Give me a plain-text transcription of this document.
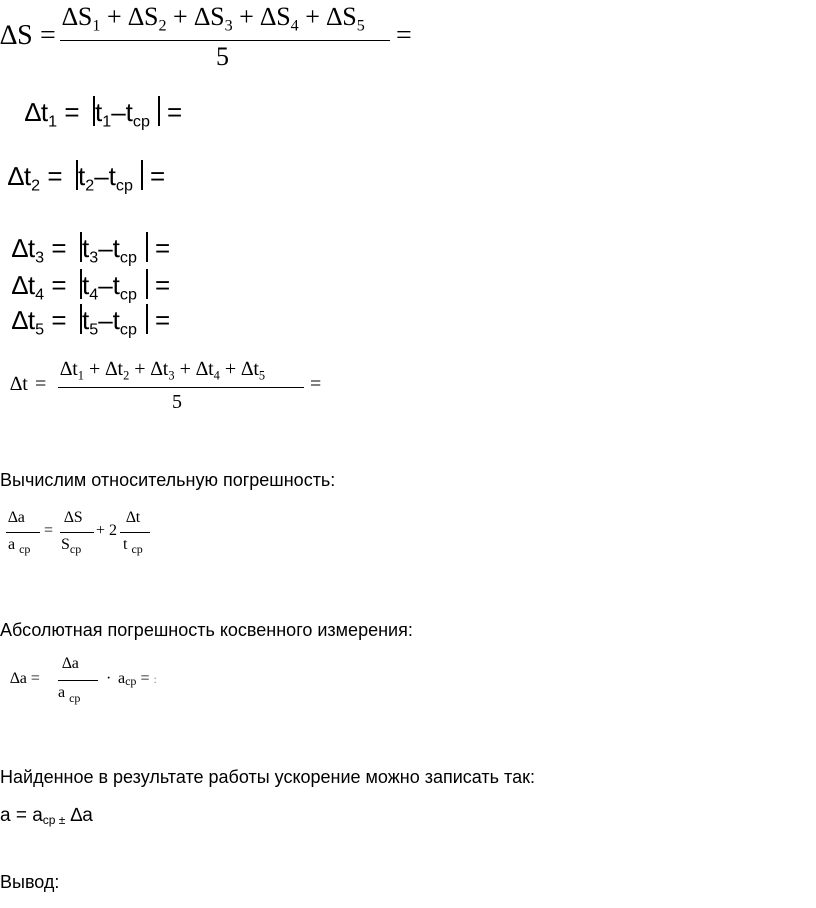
∆S =
$\Delta S_1 + \Delta S_2 + \Delta S_3 + \Delta S_4 + \Delta S_5$
5
=
$\Delta t_1 = t_1-t_{ср}$ =
$\Delta t_2 = t_2-t_{ср}$ =
$\Delta t_3 = t_3-t_{ср}$ =
$\Delta t_4 = t_4-t_{ср}$ =
$\Delta t_5 = t_5-t_{ср}$ =
∆t =
$\Delta t_1 + \Delta t_2 + \Delta t_3 + \Delta t_4 + \Delta t_5$
5
=
Вычислим относительную погрешность:
∆a
a $_{ср}$
=
∆S
$S_{ср}$
+ 2
∆t
t $_{ср}$
Абсолютная погрешность косвенного измерения:
∆a =
∆a
a $_{ср}$
· aср = :
Найденное в результате работы ускорение можно записать так:
a = aср ± ∆a
Вывод:
